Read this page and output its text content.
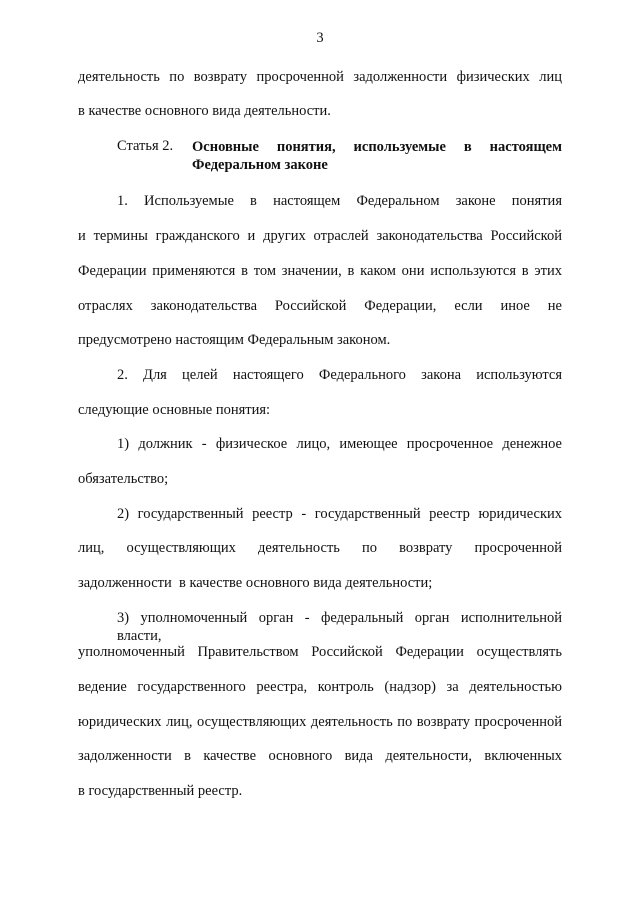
3
деятельность по возврату просроченной задолженности физических лиц
в качестве основного вида деятельности.
Статья 2. Основные понятия, используемые в настоящем
Федеральном законе
1. Используемые в настоящем Федеральном законе понятия
и термины гражданского и других отраслей законодательства Российской
Федерации применяются в том значении, в каком они используются в этих
отраслях законодательства Российской Федерации, если иное не
предусмотрено настоящим Федеральным законом.
2. Для целей настоящего Федерального закона используются
следующие основные понятия:
1) должник - физическое лицо, имеющее просроченное денежное
обязательство;
2) государственный реестр - государственный реестр юридических
лиц, осуществляющих деятельность по возврату просроченной
задолженности  в качестве основного вида деятельности;
3) уполномоченный орган - федеральный орган исполнительной власти,
уполномоченный Правительством Российской Федерации осуществлять
ведение государственного реестра, контроль (надзор) за деятельностью
юридических лиц, осуществляющих деятельность по возврату просроченной
задолженности в качестве основного вида деятельности, включенных
в государственный реестр.
